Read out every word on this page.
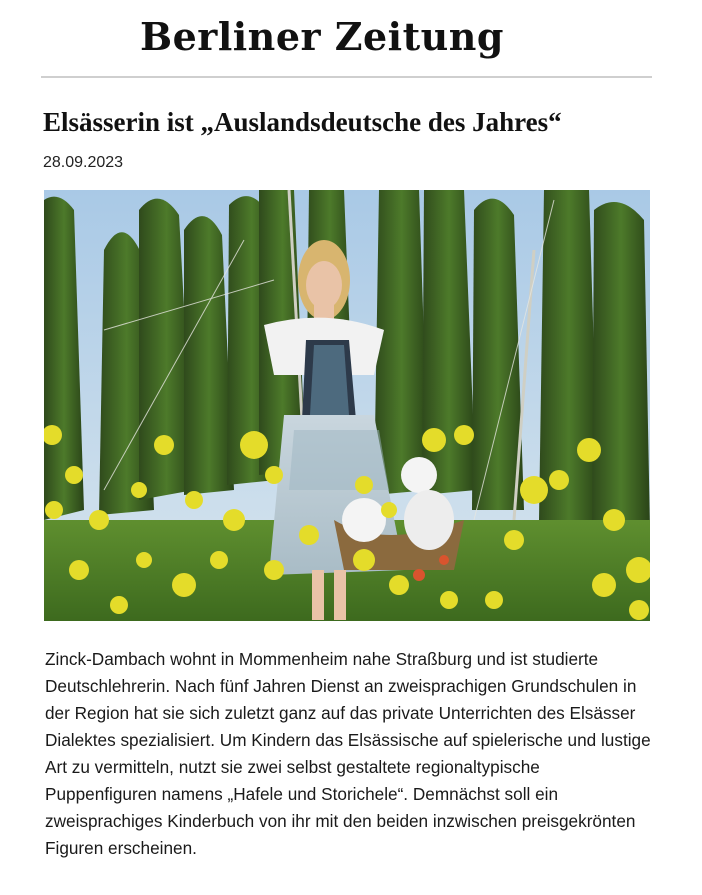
Berliner Zeitung
Elsässerin ist „Auslandsdeutsche des Jahres“
28.09.2023

Zinck-Dambach wohnt in Mommenheim nahe Straßburg und ist studierte Deutschlehrerin. Nach fünf Jahren Dienst an zweisprachigen Grundschulen in der Region hat sie sich zuletzt ganz auf das private Unterrichten des Elsässer Dialektes spezialisiert. Um Kindern das Elsässische auf spielerische und lustige Art zu vermitteln, nutzt sie zwei selbst gestaltete regionaltypische Puppenfiguren namens „Hafele und Storichele“. Demnächst soll ein zweisprachiges Kinderbuch von ihr mit den beiden inzwischen preisgekrönten Figuren erscheinen.
